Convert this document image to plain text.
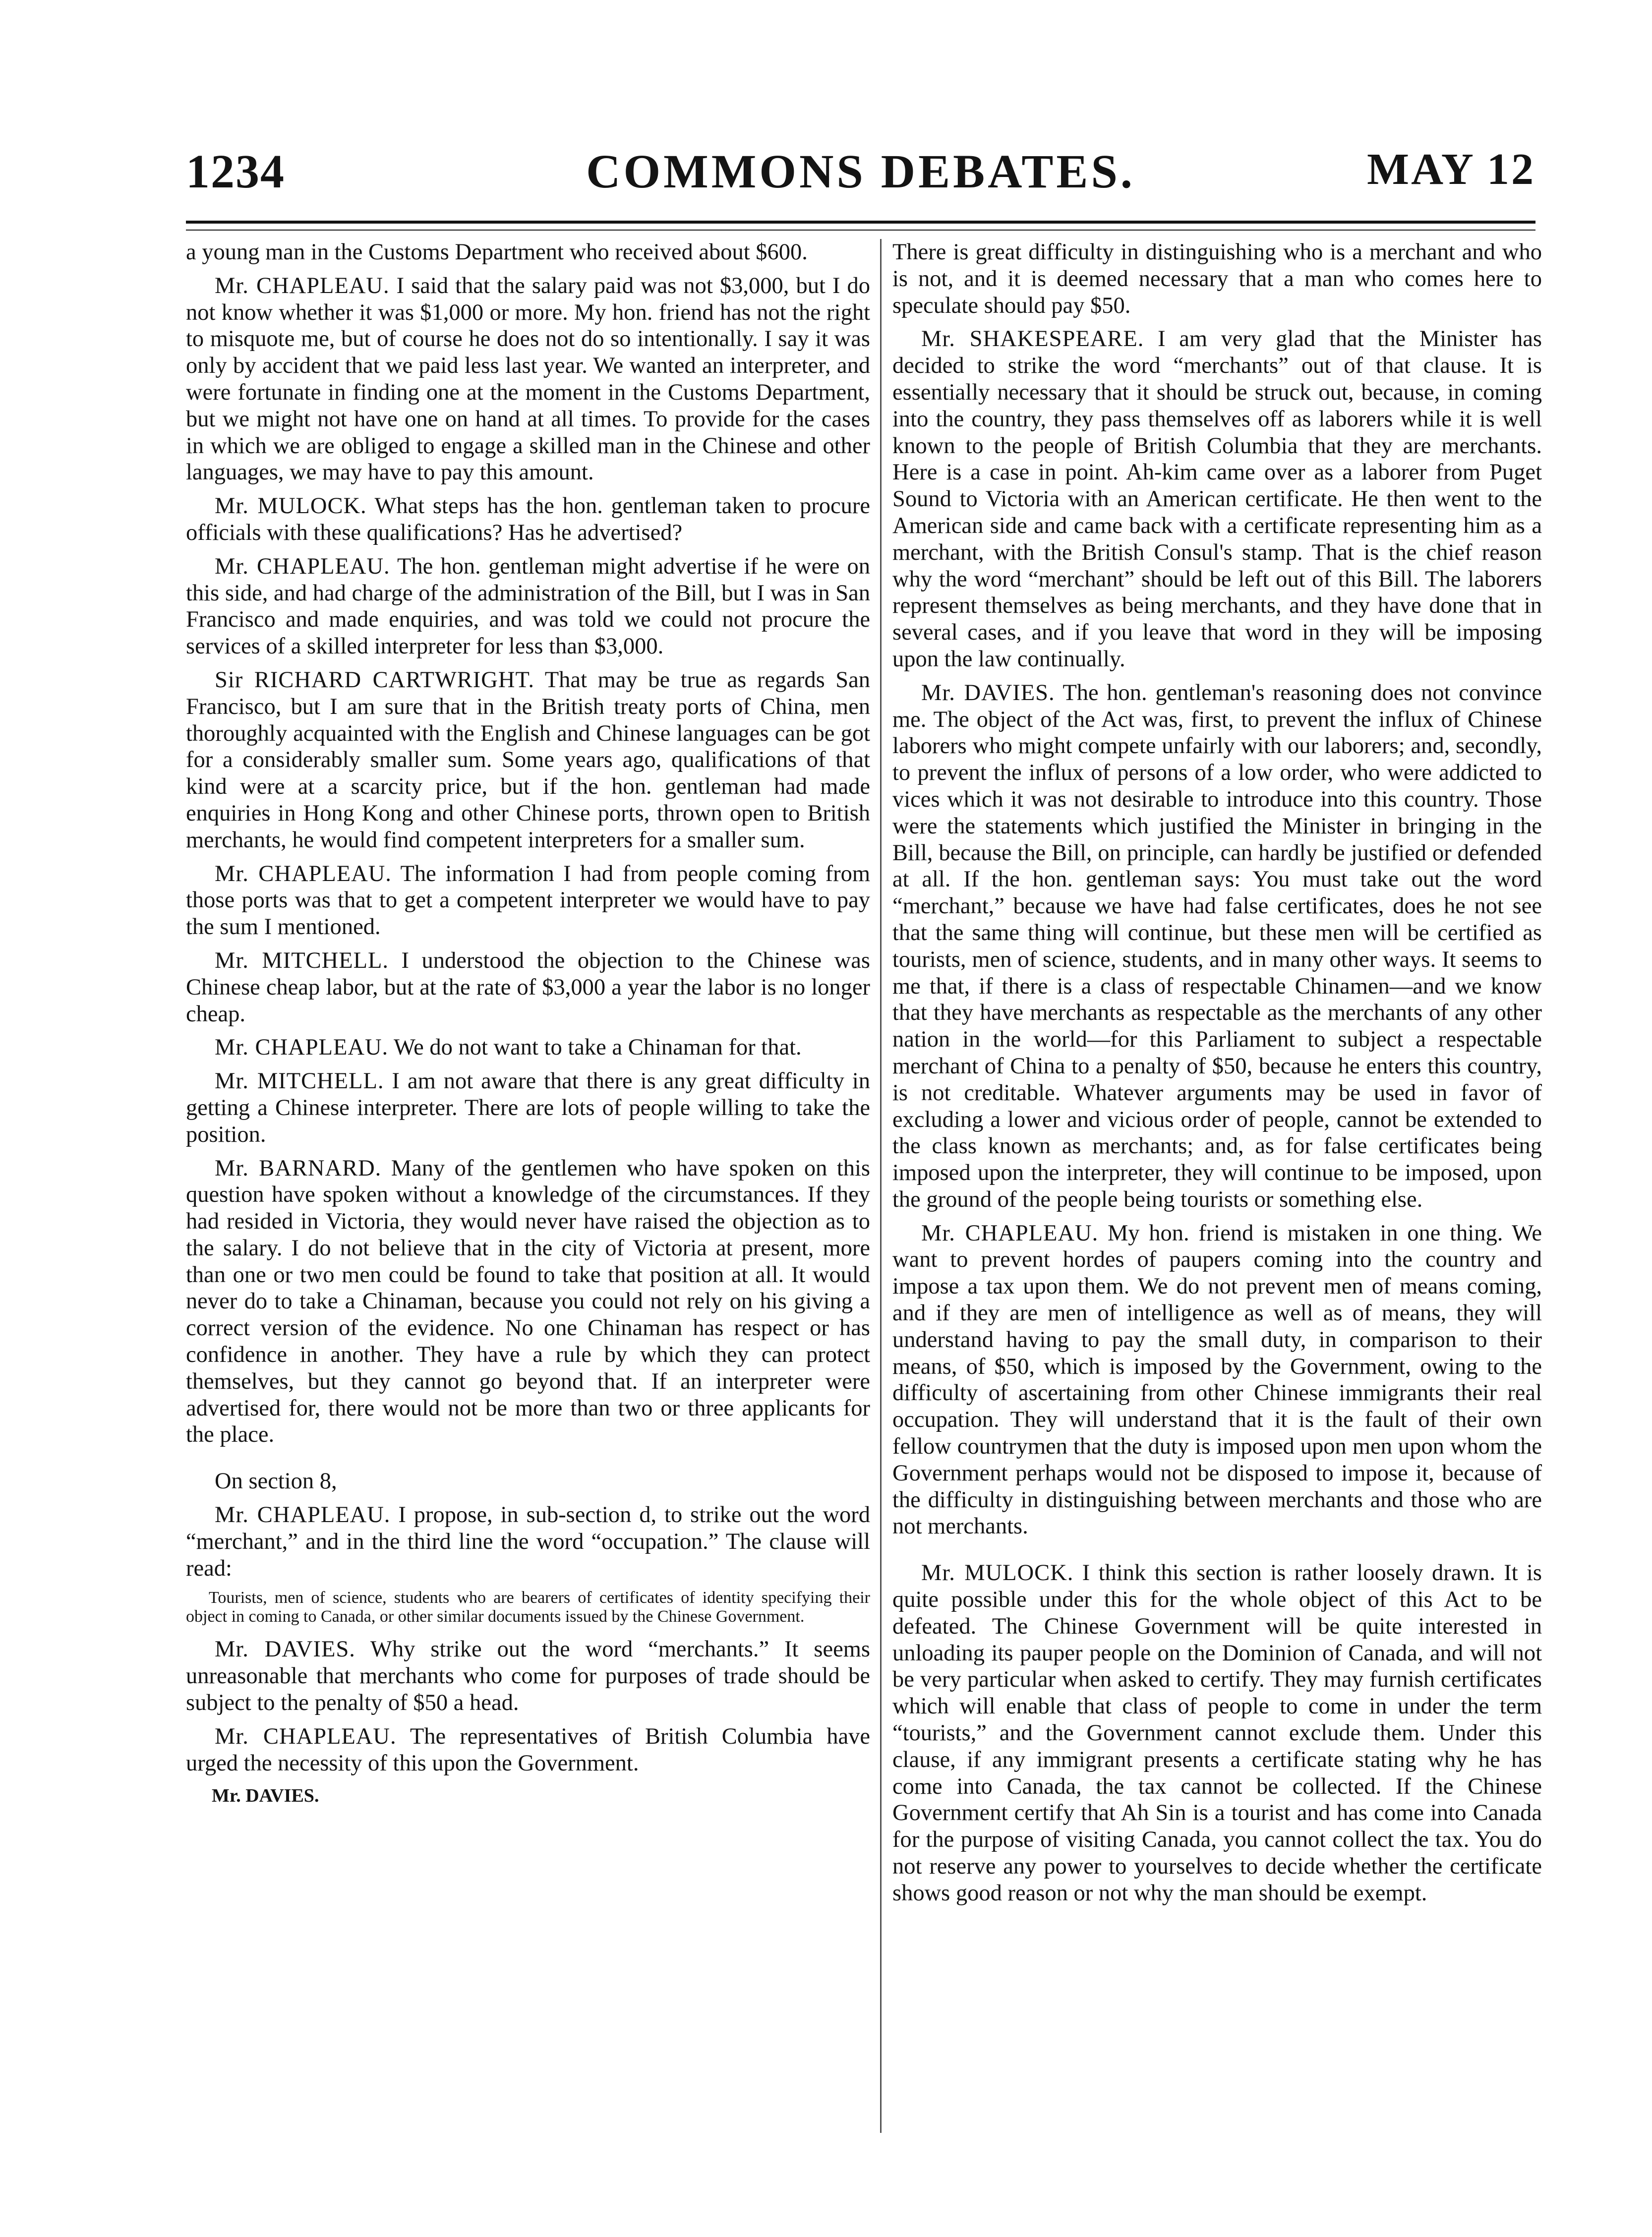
1234	COMMONS DEBATES.	MAY 12

a young man in the Customs Department who received about $600.

Mr. CHAPLEAU. I said that the salary paid was not $3,000, but I do not know whether it was $1,000 or more. My hon. friend has not the right to misquote me, but of course he does not do so intentionally. I say it was only by accident that we paid less last year. We wanted an interpreter, and were fortunate in finding one at the moment in the Customs Department, but we might not have one on hand at all times. To provide for the cases in which we are obliged to engage a skilled man in the Chinese and other languages, we may have to pay this amount.

Mr. MULOCK. What steps has the hon. gentleman taken to procure officials with these qualifications? Has he advertised?

Mr. CHAPLEAU. The hon. gentleman might advertise if he were on this side, and had charge of the administration of the Bill, but I was in San Francisco and made enquiries, and was told we could not procure the services of a skilled interpreter for less than $3,000.

Sir RICHARD CARTWRIGHT. That may be true as regards San Francisco, but I am sure that in the British treaty ports of China, men thoroughly acquainted with the English and Chinese languages can be got for a considerably smaller sum. Some years ago, qualifications of that kind were at a scarcity price, but if the hon. gentleman had made enquiries in Hong Kong and other Chinese ports, thrown open to British merchants, he would find competent interpreters for a smaller sum.

Mr. CHAPLEAU. The information I had from people coming from those ports was that to get a competent interpreter we would have to pay the sum I mentioned.

Mr. MITCHELL. I understood the objection to the Chinese was Chinese cheap labor, but at the rate of $3,000 a year the labor is no longer cheap.

Mr. CHAPLEAU. We do not want to take a Chinaman for that.

Mr. MITCHELL. I am not aware that there is any great difficulty in getting a Chinese interpreter. There are lots of people willing to take the position.

Mr. BARNARD. Many of the gentlemen who have spoken on this question have spoken without a knowledge of the circumstances. If they had resided in Victoria, they would never have raised the objection as to the salary. I do not believe that in the city of Victoria at present, more than one or two men could be found to take that position at all. It would never do to take a Chinaman, because you could not rely on his giving a correct version of the evidence. No one Chinaman has respect or has confidence in another. They have a rule by which they can protect themselves, but they cannot go beyond that. If an interpreter were advertised for, there would not be more than two or three applicants for the place.

On section 8,

Mr. CHAPLEAU. I propose, in sub-section d, to strike out the word “merchant,” and in the third line the word “occupation.” The clause will read:

Tourists, men of science, students who are bearers of certificates of identity specifying their object in coming to Canada, or other similar documents issued by the Chinese Government.

Mr. DAVIES. Why strike out the word “merchants.” It seems unreasonable that merchants who come for purposes of trade should be subject to the penalty of $50 a head.

Mr. CHAPLEAU. The representatives of British Columbia have urged the necessity of this upon the Government.

Mr. DAVIES.

There is great difficulty in distinguishing who is a merchant and who is not, and it is deemed necessary that a man who comes here to speculate should pay $50.

Mr. SHAKESPEARE. I am very glad that the Minister has decided to strike the word “merchants” out of that clause. It is essentially necessary that it should be struck out, because, in coming into the country, they pass themselves off as laborers while it is well known to the people of British Columbia that they are merchants. Here is a case in point. Ah-kim came over as a laborer from Puget Sound to Victoria with an American certificate. He then went to the American side and came back with a certificate representing him as a merchant, with the British Consul's stamp. That is the chief reason why the word “merchant” should be left out of this Bill. The laborers represent themselves as being merchants, and they have done that in several cases, and if you leave that word in they will be imposing upon the law continually.

Mr. DAVIES. The hon. gentleman's reasoning does not convince me. The object of the Act was, first, to prevent the influx of Chinese laborers who might compete unfairly with our laborers; and, secondly, to prevent the influx of persons of a low order, who were addicted to vices which it was not desirable to introduce into this country. Those were the statements which justified the Minister in bringing in the Bill, because the Bill, on principle, can hardly be justified or defended at all. If the hon. gentleman says: You must take out the word “merchant,” because we have had false certificates, does he not see that the same thing will continue, but these men will be certified as tourists, men of science, students, and in many other ways. It seems to me that, if there is a class of respectable Chinamen—and we know that they have merchants as respectable as the merchants of any other nation in the world—for this Parliament to subject a respectable merchant of China to a penalty of $50, because he enters this country, is not creditable. Whatever arguments may be used in favor of excluding a lower and vicious order of people, cannot be extended to the class known as merchants; and, as for false certificates being imposed upon the interpreter, they will continue to be imposed, upon the ground of the people being tourists or something else.

Mr. CHAPLEAU. My hon. friend is mistaken in one thing. We want to prevent hordes of paupers coming into the country and impose a tax upon them. We do not prevent men of means coming, and if they are men of intelligence as well as of means, they will understand having to pay the small duty, in comparison to their means, of $50, which is imposed by the Government, owing to the difficulty of ascertaining from other Chinese immigrants their real occupation. They will understand that it is the fault of their own fellow countrymen that the duty is imposed upon men upon whom the Government perhaps would not be disposed to impose it, because of the difficulty in distinguishing between merchants and those who are not merchants.

Mr. MULOCK. I think this section is rather loosely drawn. It is quite possible under this for the whole object of this Act to be defeated. The Chinese Government will be quite interested in unloading its pauper people on the Dominion of Canada, and will not be very particular when asked to certify. They may furnish certificates which will enable that class of people to come in under the term “tourists,” and the Government cannot exclude them. Under this clause, if any immigrant presents a certificate stating why he has come into Canada, the tax cannot be collected. If the Chinese Government certify that Ah Sin is a tourist and has come into Canada for the purpose of visiting Canada, you cannot collect the tax. You do not reserve any power to yourselves to decide whether the certificate shows good reason or not why the man should be exempt.
